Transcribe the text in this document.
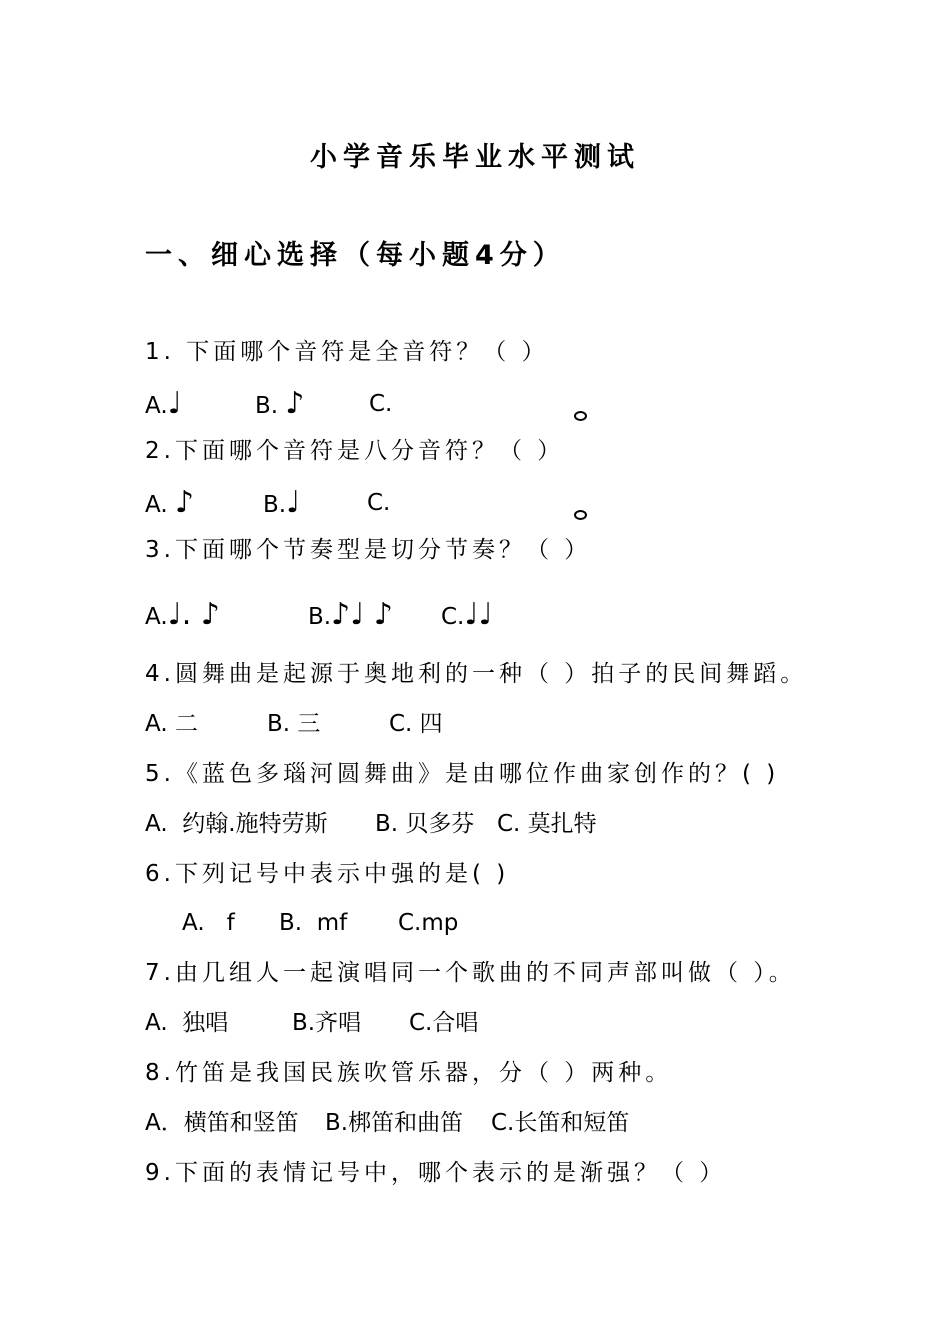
小学音乐毕业水平测试
一、细心选择（每小题4分）
1. 下面哪个音符是全音符？（ ）

A.♩

	B. ♪

	C.

2.下面哪个音符是八分音符？（ ）

A. ♪

	B.♩

	C.

3.下面哪个节奏型是切分节奏？（ ）

A.♩. ♪

	B.♪♩ ♪

C.♩♩

4.圆舞曲是起源于奥地利的一种（ ）拍子的民间舞蹈。

A. 二

	B. 三

	C. 四

5.《蓝色多瑙河圆舞曲》是由哪位作曲家创作的？( )

A.  约翰.施特劳斯

B. 贝多芬

C. 莫扎特

6.下列记号中表示中强的是( )

A.   f

B.  mf

C.mp

7.由几组人一起演唱同一个歌曲的不同声部叫做（ ）。

A.  独唱

	B.齐唱

C.合唱

8.竹笛是我国民族吹管乐器，分（ ）两种。

A．横笛和竖笛

B.梆笛和曲笛

C.长笛和短笛

9.下面的表情记号中，哪个表示的是渐强？（ ）
